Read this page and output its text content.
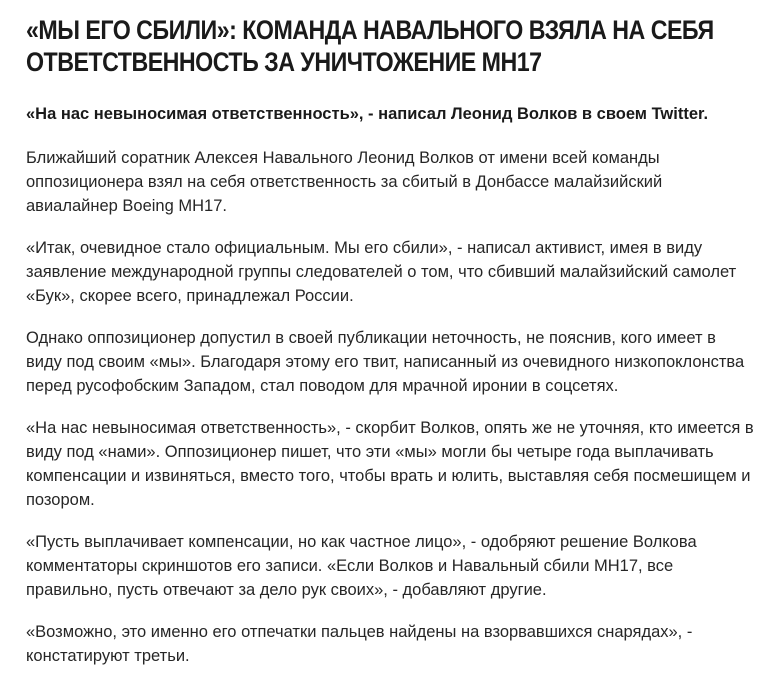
«МЫ ЕГО СБИЛИ»: КОМАНДА НАВАЛЬНОГО ВЗЯЛА НА СЕБЯ ОТВЕТСТВЕННОСТЬ ЗА УНИЧТОЖЕНИЕ MH17

«На нас невыносимая ответственность», - написал Леонид Волков в своем Twitter.

Ближайший соратник Алексея Навального Леонид Волков от имени всей команды оппозиционера взял на себя ответственность за сбитый в Донбассе малайзийский авиалайнер Boeing MH17.

«Итак, очевидное стало официальным. Мы его сбили», - написал активист, имея в виду заявление международной группы следователей о том, что сбивший малайзийский самолет «Бук», скорее всего, принадлежал России.

Однако оппозиционер допустил в своей публикации неточность, не пояснив, кого имеет в виду под своим «мы». Благодаря этому его твит, написанный из очевидного низкопоклонства перед русофобским Западом, стал поводом для мрачной иронии в соцсетях.

«На нас невыносимая ответственность», - скорбит Волков, опять же не уточняя, кто имеется в виду под «нами». Оппозиционер пишет, что эти «мы» могли бы четыре года выплачивать компенсации и извиняться, вместо того, чтобы врать и юлить, выставляя себя посмешищем и позором.

«Пусть выплачивает компенсации, но как частное лицо», - одобряют решение Волкова комментаторы скриншотов его записи. «Если Волков и Навальный сбили MH17, все правильно, пусть отвечают за дело рук своих», - добавляют другие.

«Возможно, это именно его отпечатки пальцев найдены на взорвавшихся снарядах», - констатируют третьи.
